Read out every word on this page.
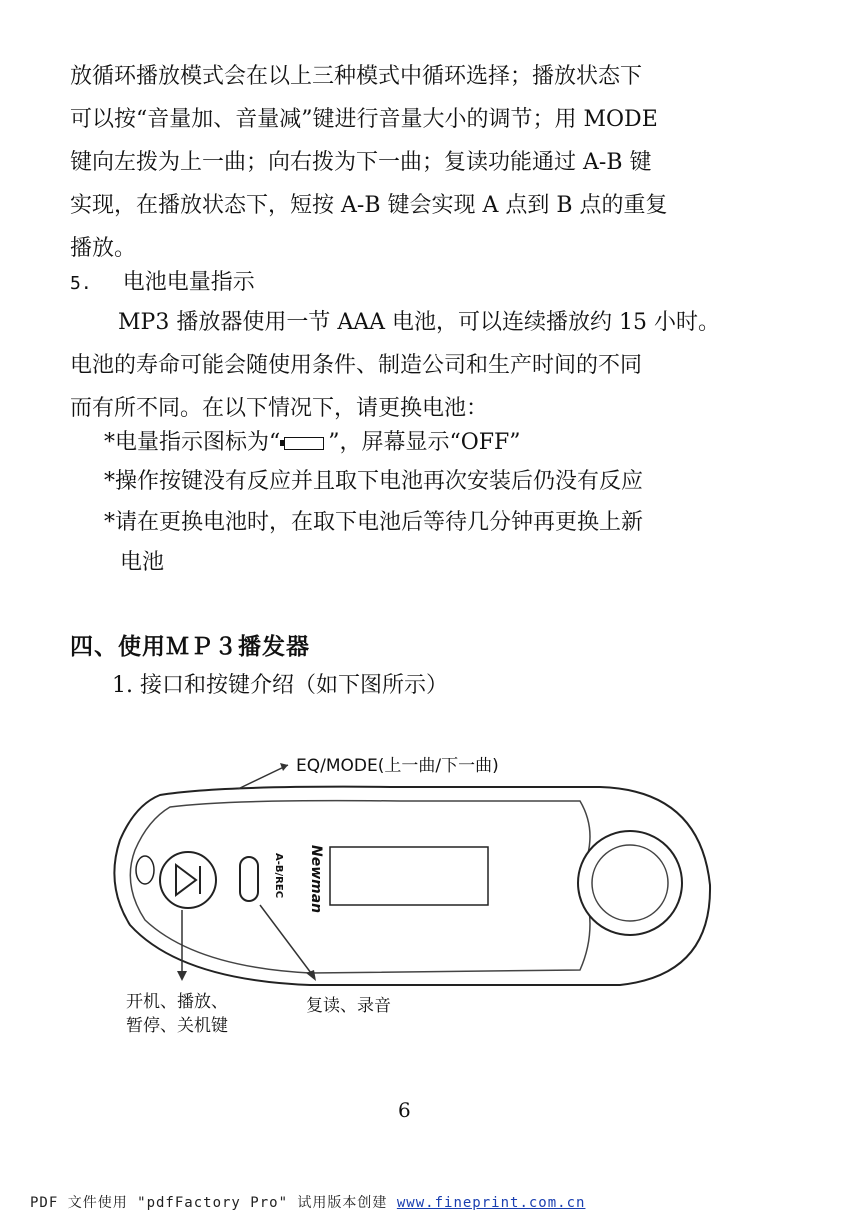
放循环播放模式会在以上三种模式中循环选择；播放状态下
可以按“音量加、音量减”键进行音量大小的调节；用 MODE
键向左拨为上一曲；向右拨为下一曲；复读功能通过 A-B 键
实现，在播放状态下，短按 A-B 键会实现 A 点到 B 点的重复
播放。
5. 电池电量指示
MP3 播放器使用一节 AAA 电池，可以连续播放约 15 小时。
电池的寿命可能会随使用条件、制造公司和生产时间的不同
而有所不同。在以下情况下，请更换电池：
*电量指示图标为“ ”，屏幕显示“OFF”
*操作按键没有反应并且取下电池再次安装后仍没有反应
*请在更换电池时，在取下电池后等待几分钟再更换上新
电池
四、使用ＭＰ３播发器
1. 接口和按键介绍（如下图所示）
A-B/REC Newman
EQ/MODE(上一曲/下一曲)
开机、播放、
暂停、关机键
复读、录音
6
PDF 文件使用 "pdfFactory Pro" 试用版本创建 www.fineprint.com.cn
